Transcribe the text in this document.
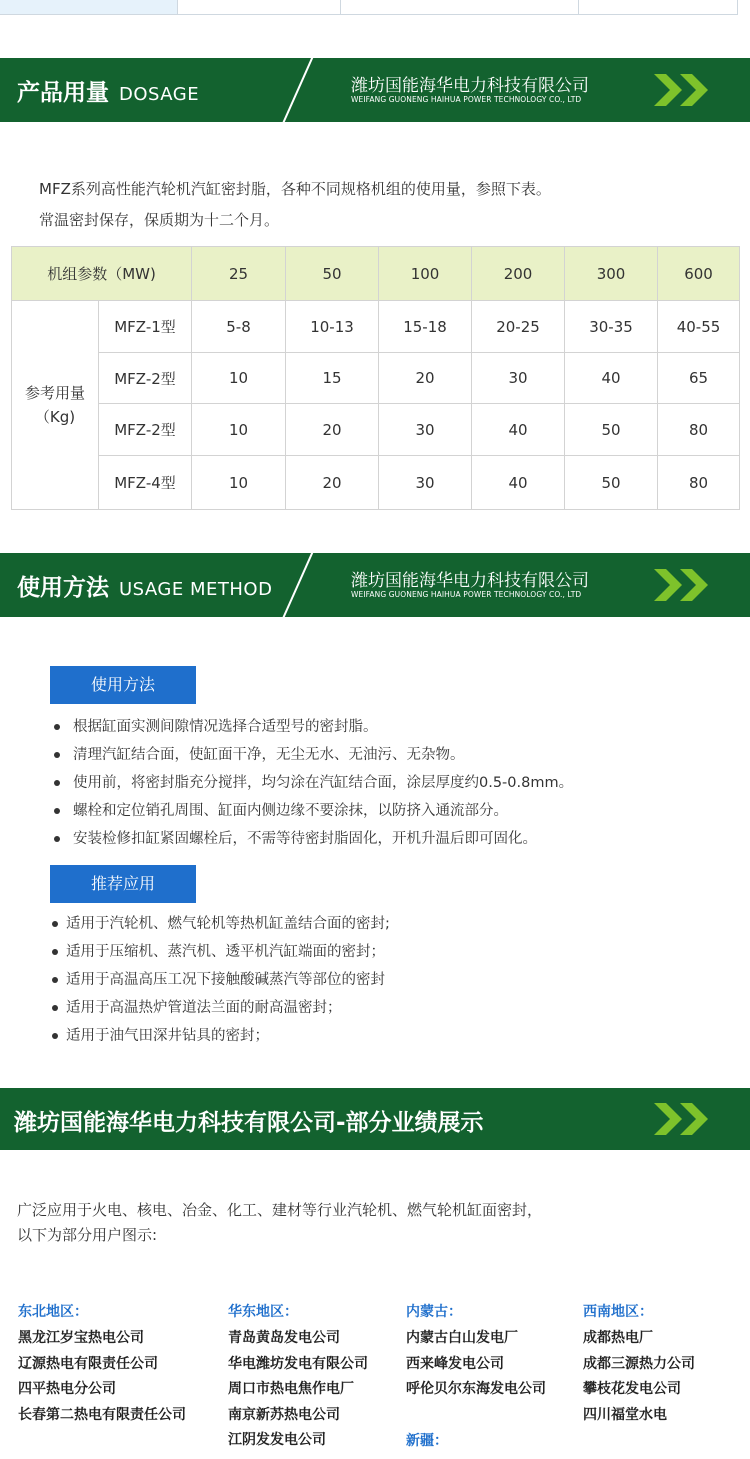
产品用量 DOSAGE	潍坊国能海华电力科技有限公司
WEIFANG GUONENG HAIHUA POWER TECHNOLOGY CO., LTD
MFZ系列高性能汽轮机汽缸密封脂，各种不同规格机组的使用量，参照下表。
常温密封保存，保质期为十二个月。
机组参数（MW)		25	50	100	200	300	600

参考用量
（Kg)	MFZ-1型	5-8	10-13	15-18	20-25	30-35	40-55
	MFZ-2型	10	15	20	30	40	65
	MFZ-2型	10	20	30	40	50	80
	MFZ-4型	10	20	30	40	50	80
使用方法 USAGE METHOD	潍坊国能海华电力科技有限公司
WEIFANG GUONENG HAIHUA POWER TECHNOLOGY CO., LTD
使用方法
根据缸面实测间隙情况选择合适型号的密封脂。
清理汽缸结合面，使缸面干净，无尘无水、无油污、无杂物。
使用前，将密封脂充分搅拌，均匀涂在汽缸结合面，涂层厚度约0.5-0.8mm。
螺栓和定位销孔周围、缸面内侧边缘不要涂抹，以防挤入通流部分。
安装检修扣缸紧固螺栓后，不需等待密封脂固化，开机升温后即可固化。
推荐应用
适用于汽轮机、燃气轮机等热机缸盖结合面的密封;
适用于压缩机、蒸汽机、透平机汽缸端面的密封；
适用于高温高压工况下接触酸碱蒸汽等部位的密封
适用于高温热炉管道法兰面的耐高温密封；
适用于油气田深井钻具的密封；
潍坊国能海华电力科技有限公司-部分业绩展示
广泛应用于火电、核电、冶金、化工、建材等行业汽轮机、燃气轮机缸面密封，
以下为部分用户图示:
东北地区：
黑龙江岁宝热电公司
辽源热电有限责任公司
四平热电分公司
长春第二热电有限责任公司
华东地区：
青岛黄岛发电公司
华电潍坊发电有限公司
周口市热电焦作电厂
南京新苏热电公司
江阴发发电公司
内蒙古：
内蒙古白山发电厂
西来峰发电公司
呼伦贝尔东海发电公司
新疆：
西南地区：
成都热电厂
成都三源热力公司
攀枝花发电公司
四川福堂水电
